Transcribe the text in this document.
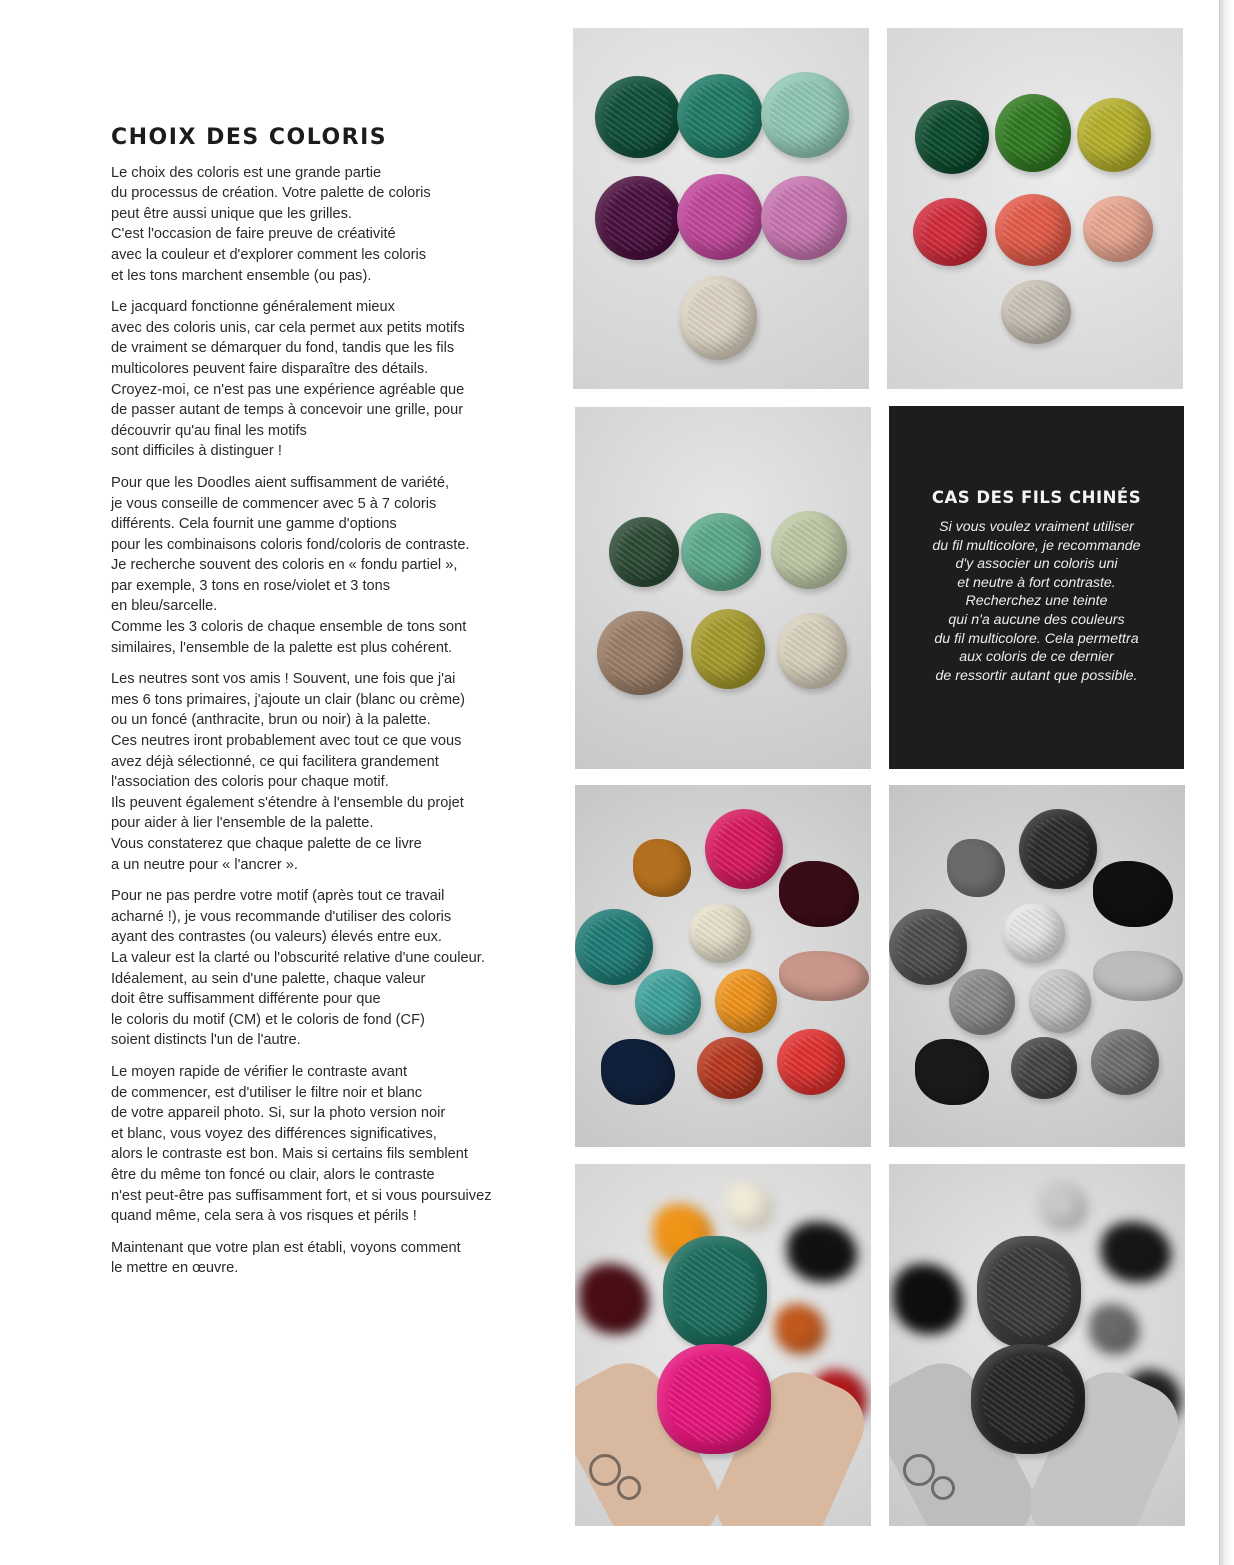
CHOIX DES COLORIS

Le choix des coloris est une grande partie
du processus de création. Votre palette de coloris
peut être aussi unique que les grilles.
C'est l'occasion de faire preuve de créativité
avec la couleur et d'explorer comment les coloris
et les tons marchent ensemble (ou pas).

Le jacquard fonctionne généralement mieux
avec des coloris unis, car cela permet aux petits motifs
de vraiment se démarquer du fond, tandis que les fils
multicolores peuvent faire disparaître des détails.
Croyez-moi, ce n'est pas une expérience agréable que
de passer autant de temps à concevoir une grille, pour
découvrir qu'au final les motifs
sont difficiles à distinguer !

Pour que les Doodles aient suffisamment de variété,
je vous conseille de commencer avec 5 à 7 coloris
différents. Cela fournit une gamme d'options
pour les combinaisons coloris fond/coloris de contraste.
Je recherche souvent des coloris en « fondu partiel »,
par exemple, 3 tons en rose/violet et 3 tons
en bleu/sarcelle.
Comme les 3 coloris de chaque ensemble de tons sont
similaires, l'ensemble de la palette est plus cohérent.

Les neutres sont vos amis ! Souvent, une fois que j'ai
mes 6 tons primaires, j'ajoute un clair (blanc ou crème)
ou un foncé (anthracite, brun ou noir) à la palette.
Ces neutres iront probablement avec tout ce que vous
avez déjà sélectionné, ce qui facilitera grandement
l'association des coloris pour chaque motif.
Ils peuvent également s'étendre à l'ensemble du projet
pour aider à lier l'ensemble de la palette.
Vous constaterez que chaque palette de ce livre
a un neutre pour « l'ancrer ».

Pour ne pas perdre votre motif (après tout ce travail
acharné !), je vous recommande d'utiliser des coloris
ayant des contrastes (ou valeurs) élevés entre eux.
La valeur est la clarté ou l'obscurité relative d'une couleur.
Idéalement, au sein d'une palette, chaque valeur
doit être suffisamment différente pour que
le coloris du motif (CM) et le coloris de fond (CF)
soient distincts l'un de l'autre.

Le moyen rapide de vérifier le contraste avant
de commencer, est d'utiliser le filtre noir et blanc
de votre appareil photo. Si, sur la photo version noir
et blanc, vous voyez des différences significatives,
alors le contraste est bon. Mais si certains fils semblent
être du même ton foncé ou clair, alors le contraste
n'est peut-être pas suffisamment fort, et si vous poursuivez
quand même, cela sera à vos risques et périls !

Maintenant que votre plan est établi, voyons comment
le mettre en œuvre.

CAS DES FILS CHINÉS
Si vous voulez vraiment utiliser
du fil multicolore, je recommande
d'y associer un coloris uni
et neutre à fort contraste.
Recherchez une teinte
qui n'a aucune des couleurs
du fil multicolore. Cela permettra
aux coloris de ce dernier
de ressortir autant que possible.
